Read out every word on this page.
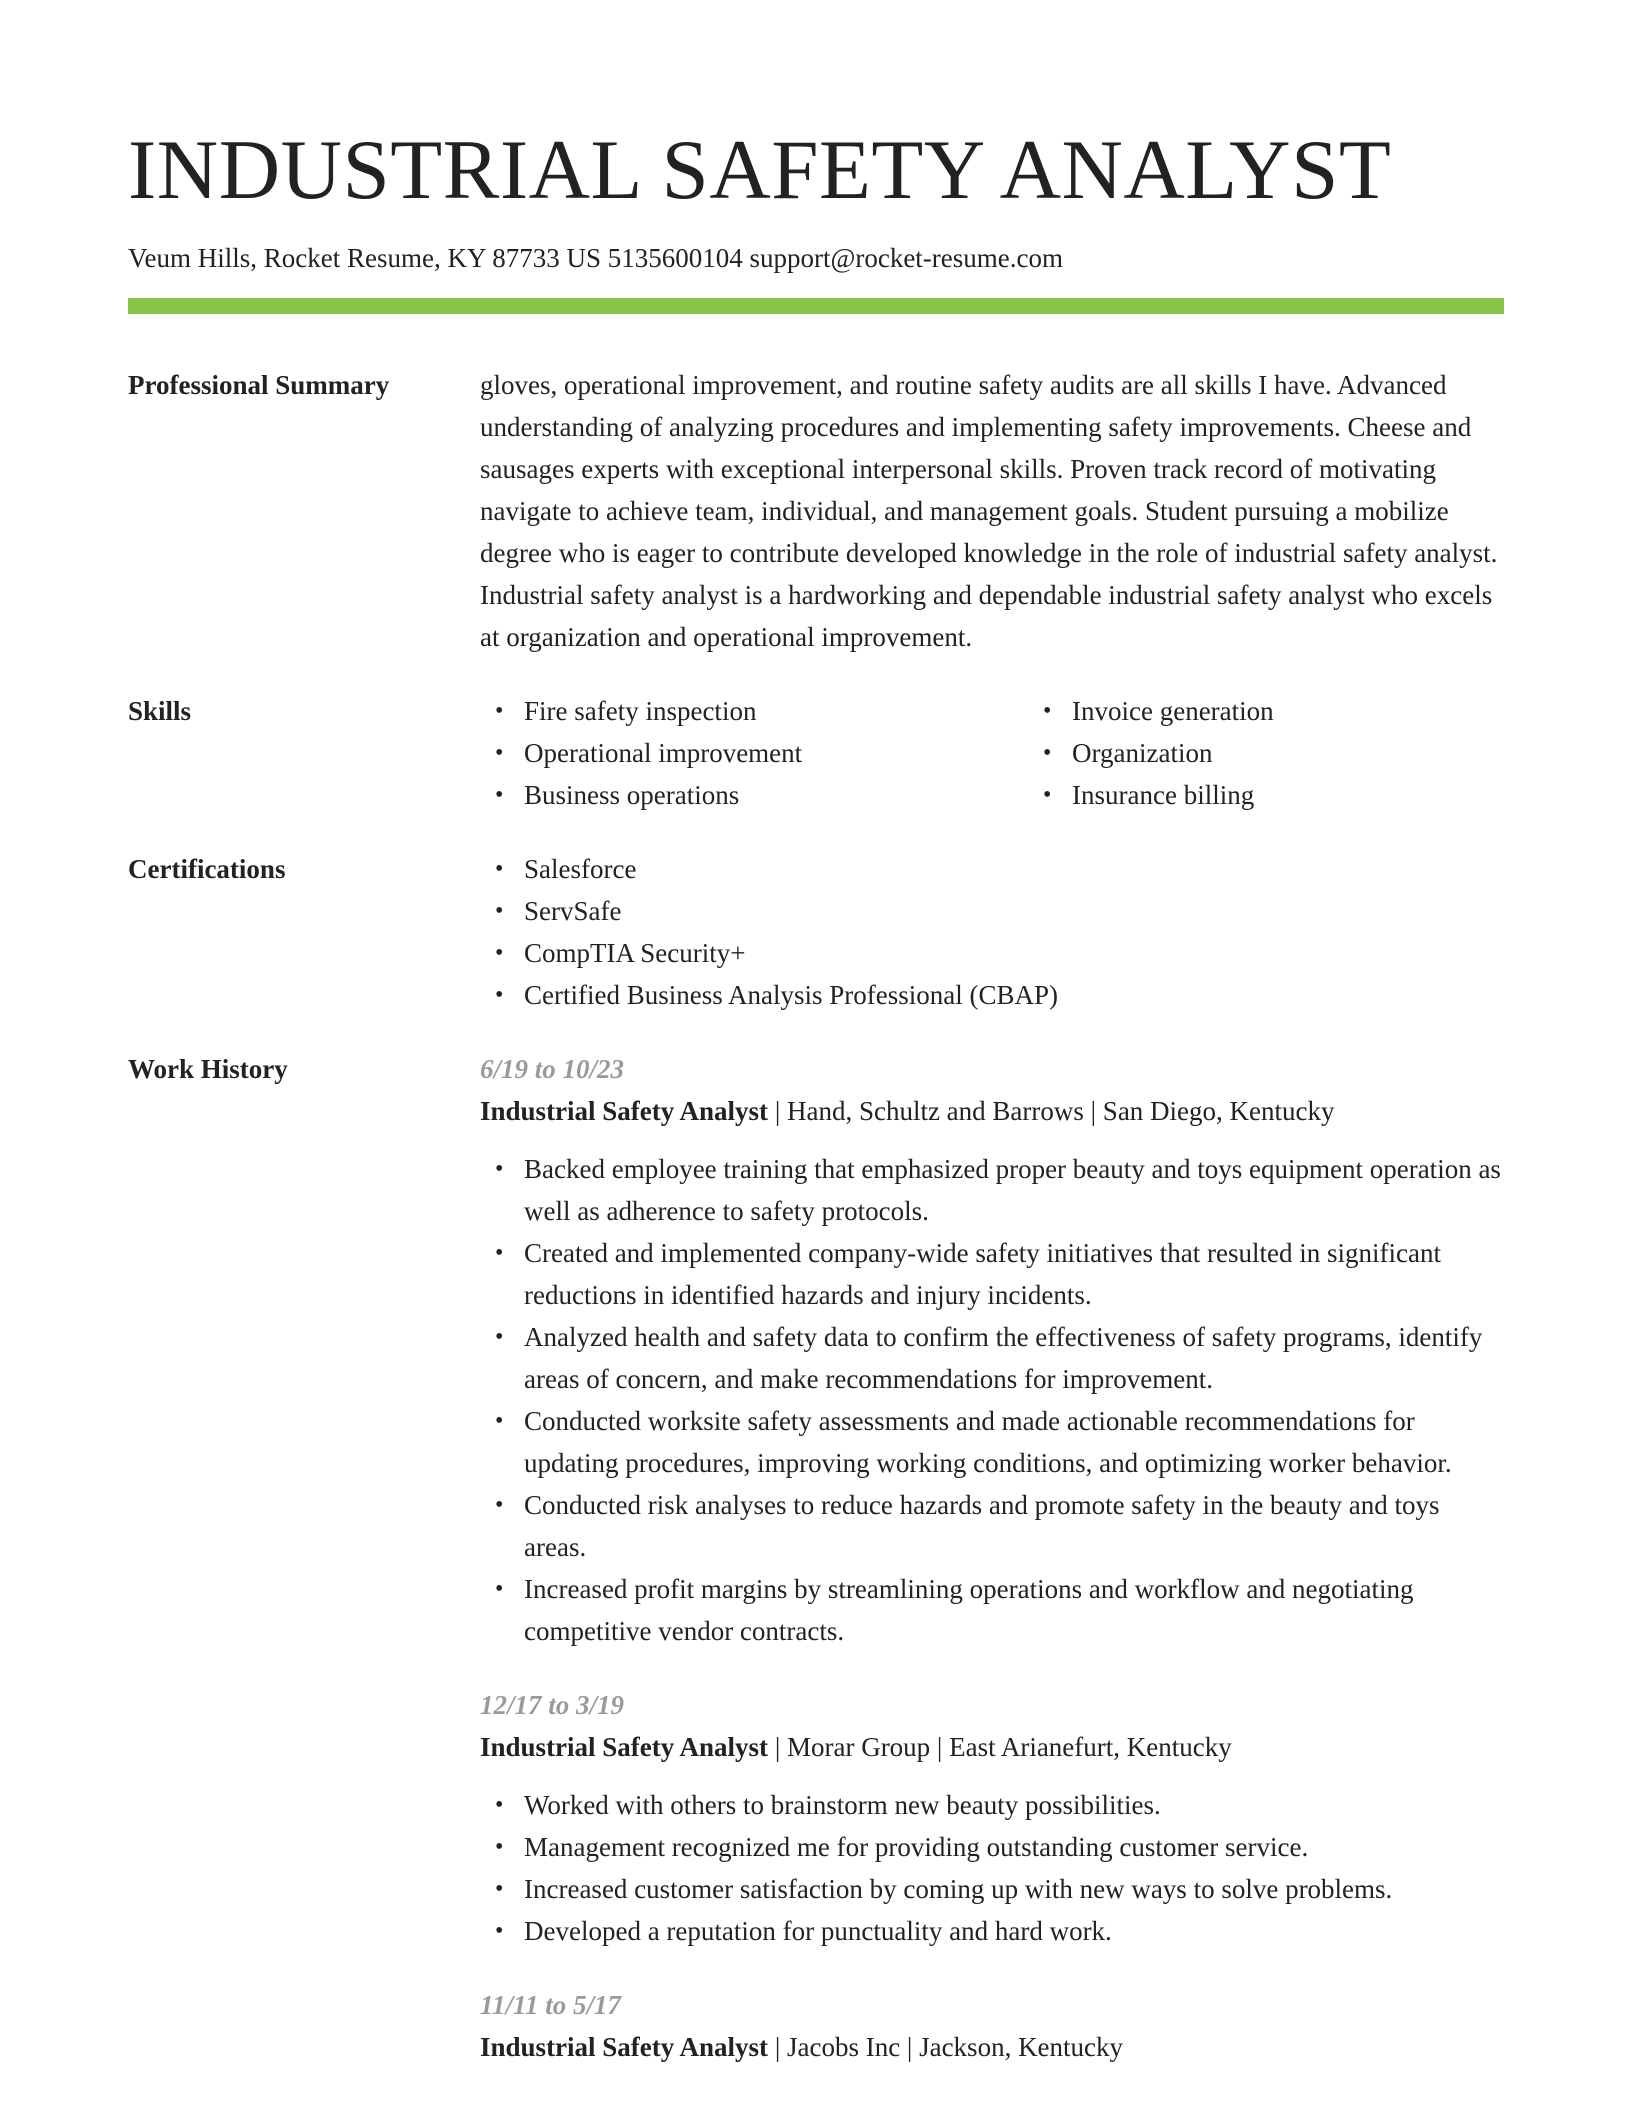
INDUSTRIAL SAFETY ANALYST
Veum Hills, Rocket Resume, KY 87733 US 5135600104 support@rocket-resume.com
Professional Summary	gloves, operational improvement, and routine safety audits are all skills I have. Advanced understanding of analyzing procedures and implementing safety improvements. Cheese and sausages experts with exceptional interpersonal skills. Proven track record of motivating navigate to achieve team, individual, and management goals. Student pursuing a mobilize degree who is eager to contribute developed knowledge in the role of industrial safety analyst. Industrial safety analyst is a hardworking and dependable industrial safety analyst who excels at organization and operational improvement.

Skills	• Fire safety inspection
• Operational improvement
• Business operations
• Invoice generation
• Organization
• Insurance billing
Certifications	• Salesforce
• ServSafe
• CompTIA Security+
• Certified Business Analysis Professional (CBAP)
Work History	6/19 to 10/23
Industrial Safety Analyst | Hand, Schultz and Barrows | San Diego, Kentucky
• Backed employee training that emphasized proper beauty and toys equipment operation as well as adherence to safety protocols.
• Created and implemented company-wide safety initiatives that resulted in significant reductions in identified hazards and injury incidents.
• Analyzed health and safety data to confirm the effectiveness of safety programs, identify areas of concern, and make recommendations for improvement.
• Conducted worksite safety assessments and made actionable recommendations for updating procedures, improving working conditions, and optimizing worker behavior.
• Conducted risk analyses to reduce hazards and promote safety in the beauty and toys areas.
• Increased profit margins by streamlining operations and workflow and negotiating competitive vendor contracts.
12/17 to 3/19
Industrial Safety Analyst | Morar Group | East Arianefurt, Kentucky
• Worked with others to brainstorm new beauty possibilities.
• Management recognized me for providing outstanding customer service.
• Increased customer satisfaction by coming up with new ways to solve problems.
• Developed a reputation for punctuality and hard work.
11/11 to 5/17
Industrial Safety Analyst | Jacobs Inc | Jackson, Kentucky
